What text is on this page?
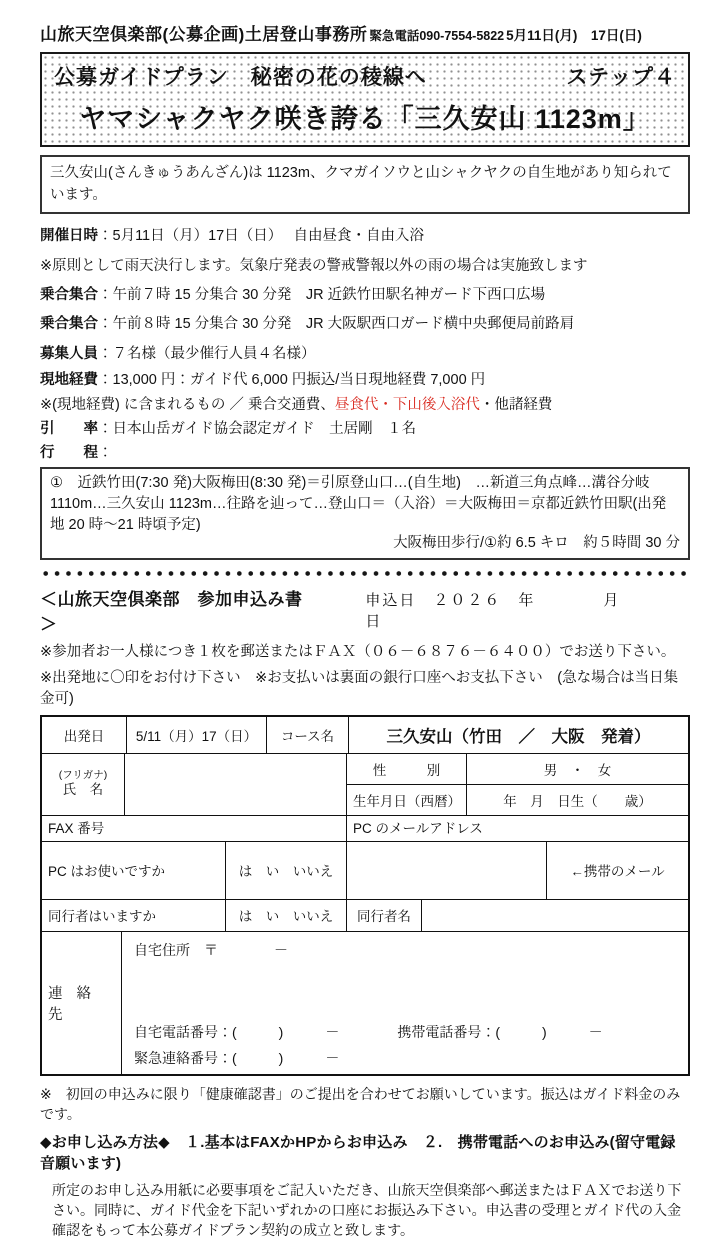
山旅天空倶楽部(公募企画)土居登山事務所 緊急電話090-7554-5822 5月11日(月)　17日(日)
公募ガイドプラン　秘密の花の稜線へ	ステップ４
ヤマシャクヤク咲き誇る「三久安山 1123m」
三久安山(さんきゅうあんざん)は 1123m、クマガイソウと山シャクヤクの自生地があり知られています。
開催日時：5月11日（月）17日（日）　 自由昼食・自由入浴
※原則として雨天決行します。気象庁発表の警戒警報以外の雨の場合は実施致します
乗合集合：午前７時 15 分集合 30 分発　JR 近鉄竹田駅名神ガード下西口広場
乗合集合：午前８時 15 分集合 30 分発　JR 大阪駅西口ガード横中央郵便局前路肩
募集人員：７名様（最少催行人員４名様）
現地経費：13,000 円：ガイド代 6,000 円振込/当日現地経費 7,000 円
※(現地経費) に含まれるもの ／ 乗合交通費、昼食代・下山後入浴代・他諸経費
引　　率：日本山岳ガイド協会認定ガイド　土居剛　１名
行　　程：
①　近鉄竹田(7:30 発)大阪梅田(8:30 発)＝引原登山口…(自生地)　…新道三角点峰…溝谷分岐 1110m…三久安山 1123m…往路を辿って…登山口＝（入浴）＝大阪梅田＝京都近鉄竹田駅(出発地 20 時～21 時頃予定)
大阪梅田歩行/①約 6.5 キロ　約５時間 30 分
＜山旅天空倶楽部　参加申込み書＞
申込日　２０２６　年　　　　月　　　　日
※参加者お一人様につき１枚を郵送またはＦＡＸ（０６－６８７６－６４００）でお送り下さい。
※出発地に〇印をお付け下さい　※お支払いは裏面の銀行口座へお支払下さい　(急な場合は当日集金可)
出発日	5/11（月）17（日）	コース名	三久安山（竹田　／　大阪　発着）
(フリガナ)
氏　名
性　　　別	男　・　女
生年月日（西暦）	年　月　日生（　　歳）
FAX 番号	PC のメールアドレス
PC はお使いですか	は　い　いいえ	←携帯のメール
同行者はいますか	は　い　いいえ	同行者名
連 絡 先
自宅住所　〒　　　　－
自宅電話番号：(　　　)　　　－	携帯電話番号：(　　　)　　　－
緊急連絡番号：(　　　)　　　－
※　初回の申込みに限り「健康確認書」のご提出を合わせてお願いしています。振込はガイド料金のみです。
◆お申し込み方法◆　１.基本はFAXかHPからお申込み　２.　携帯電話へのお申込み(留守電録音願います)
所定のお申し込み用紙に必要事項をご記入いただき、山旅天空倶楽部へ郵送またはＦＡＸでお送り下さい。同時に、ガイド代金を下記いずれかの口座にお振込み下さい。申込書の受理とガイド代の入金確認をもって本公募ガイドプラン契約の成立と致します。
